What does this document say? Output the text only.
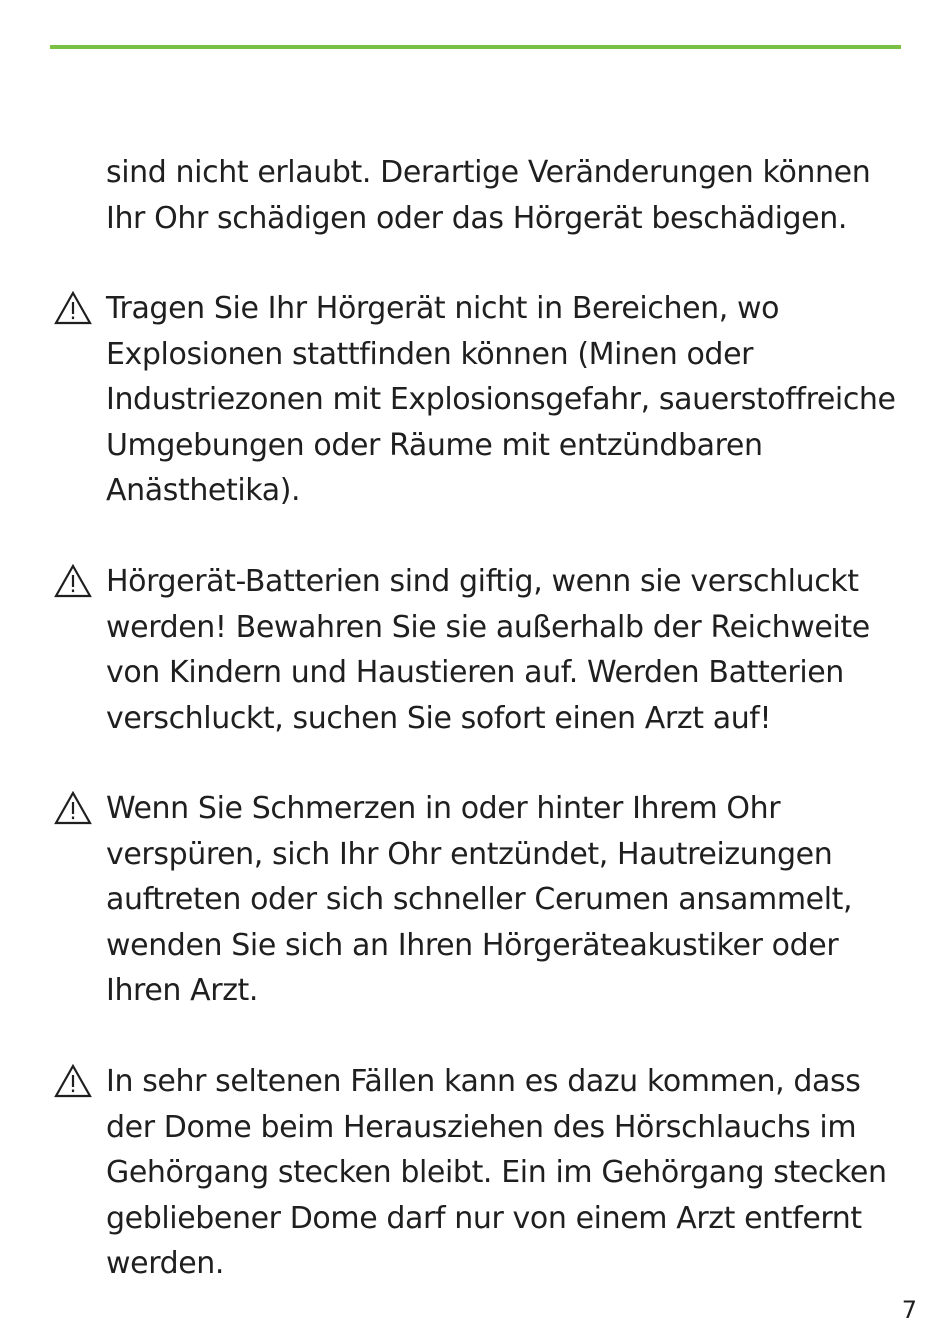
sind nicht erlaubt. Derartige Veränderungen können
Ihr Ohr schädigen oder das Hörgerät beschädigen.

Tragen Sie Ihr Hörgerät nicht in Bereichen, wo
Explosionen stattfinden können (Minen oder
Industriezonen mit Explosionsgefahr, sauerstoffreiche
Umgebungen oder Räume mit entzündbaren
Anästhetika).

Hörgerät-Batterien sind giftig, wenn sie verschluckt
werden! Bewahren Sie sie außerhalb der Reichweite
von Kindern und Haustieren auf. Werden Batterien
verschluckt, suchen Sie sofort einen Arzt auf!

Wenn Sie Schmerzen in oder hinter Ihrem Ohr
verspüren, sich Ihr Ohr entzündet, Hautreizungen
auftreten oder sich schneller Cerumen ansammelt,
wenden Sie sich an Ihren Hörgeräteakustiker oder
Ihren Arzt.

In sehr seltenen Fällen kann es dazu kommen, dass
der Dome beim Herausziehen des Hörschlauchs im
Gehörgang stecken bleibt. Ein im Gehörgang stecken
gebliebener Dome darf nur von einem Arzt entfernt
werden.

7
